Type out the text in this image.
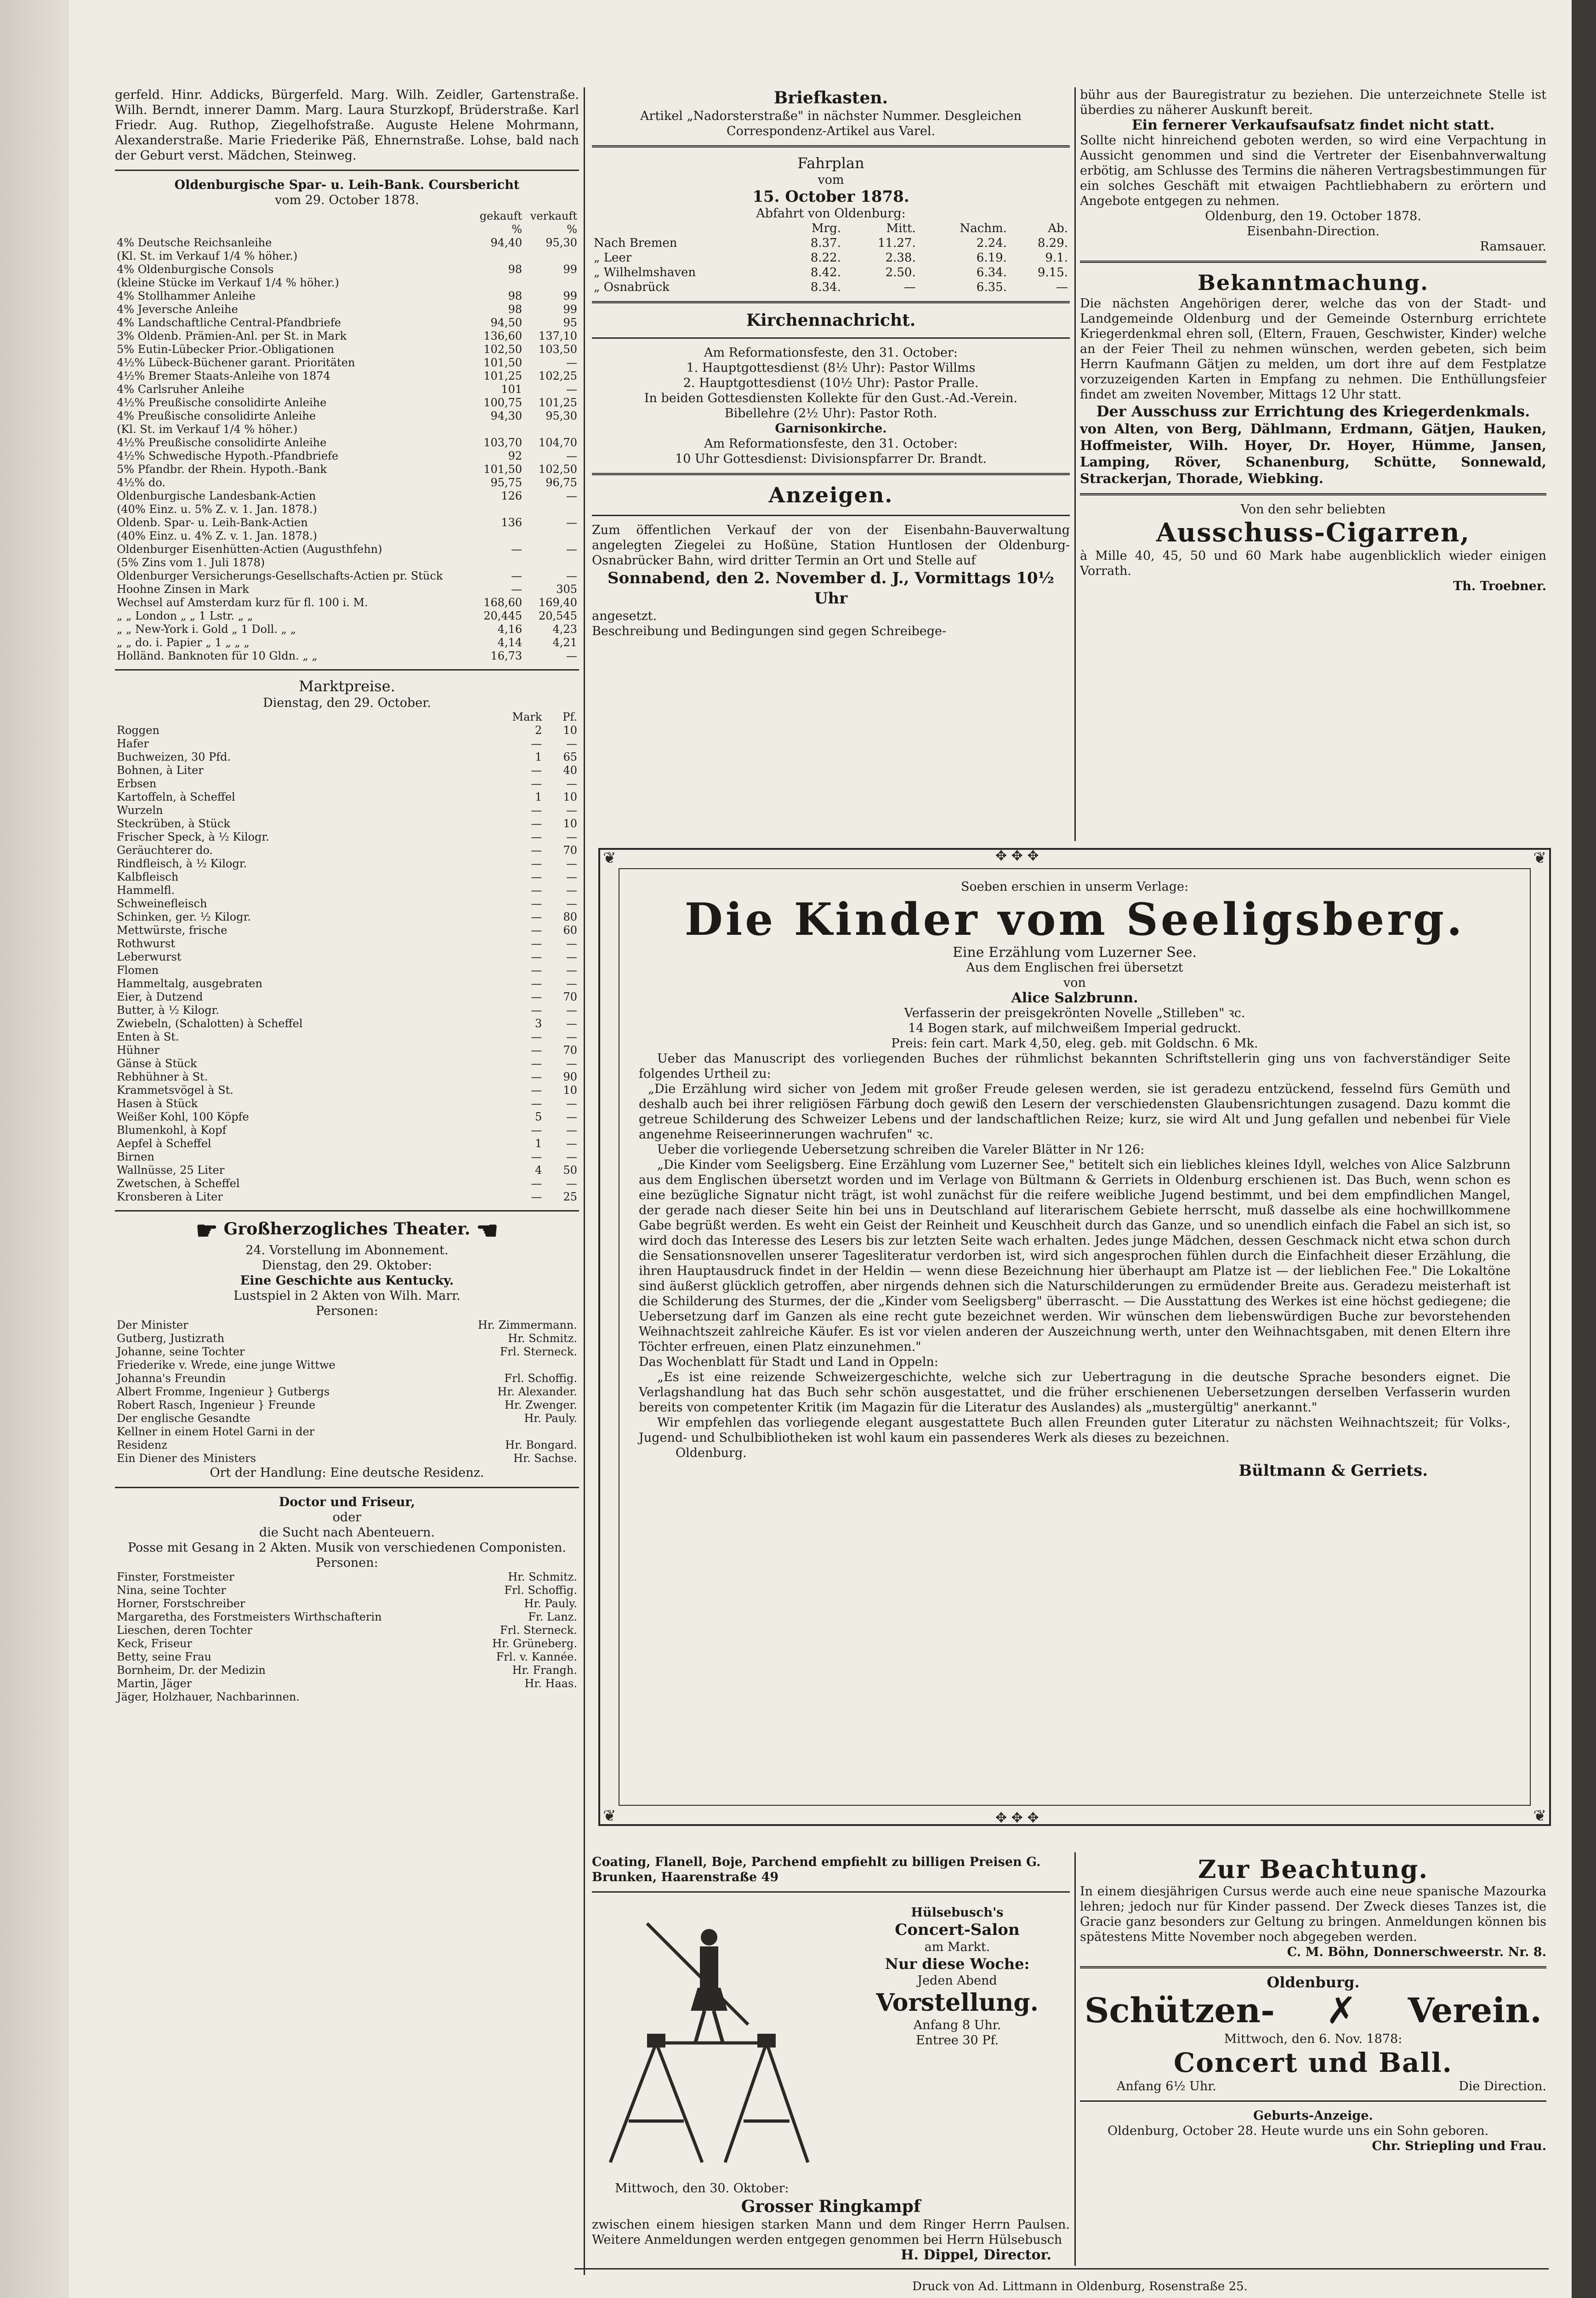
gerfeld. Hinr. Addicks, Bürgerfeld. Marg. Wilh. Zeidler, Gartenstraße. Wilh. Berndt, innerer Damm. Marg. Laura Sturzkopf, Brüderstraße. Karl Friedr. Aug. Ruthop, Ziegelhofstraße. Auguste Helene Mohrmann, Alexanderstraße. Marie Friederike Päß, Ehnernstraße. Lohse, bald nach der Geburt verst. Mädchen, Steinweg.

Oldenburgische Spar- u. Leih-Bank. Coursbericht

vom 29. October 1878.

	gekauft	verkauft
	%	%
4% Deutsche Reichsanleihe	94,40	95,30
(Kl. St. im Verkauf 1/4 % höher.)		
4% Oldenburgische Consols	98	99
(kleine Stücke im Verkauf 1/4 % höher.)		
4% Stollhammer Anleihe	98	99
4% Jeversche Anleihe	98	99
4% Landschaftliche Central-Pfandbriefe	94,50	95
3% Oldenb. Prämien-Anl. per St. in Mark	136,60	137,10
5% Eutin-Lübecker Prior.-Obligationen	102,50	103,50
4½% Lübeck-Büchener garant. Prioritäten	101,50	—
4½% Bremer Staats-Anleihe von 1874	101,25	102,25
4% Carlsruher Anleihe	101	—
4½% Preußische consolidirte Anleihe	100,75	101,25
4% Preußische consolidirte Anleihe	94,30	95,30
(Kl. St. im Verkauf 1/4 % höher.)		
4½% Preußische consolidirte Anleihe	103,70	104,70
4½% Schwedische Hypoth.-Pfandbriefe	92	—
5% Pfandbr. der Rhein. Hypoth.-Bank	101,50	102,50
4½% do.	95,75	96,75
Oldenburgische Landesbank-Actien	126	—
(40% Einz. u. 5% Z. v. 1. Jan. 1878.)		
Oldenb. Spar- u. Leih-Bank-Actien	136	—
(40% Einz. u. 4% Z. v. 1. Jan. 1878.)		
Oldenburger Eisenhütten-Actien (Augusthfehn)	—	—
(5% Zins vom 1. Juli 1878)		
Oldenburger Versicherungs-Gesellschafts-Actien pr. Stück	—	—
Hoohne Zinsen in Mark	—	305
Wechsel auf Amsterdam kurz für fl. 100 i. M.	168,60	169,40
„ „ London „ „ 1 Lstr. „ „	20,445	20,545
„ „ New-York i. Gold „ 1 Doll. „ „	4,16	4,23
„ „ do. i. Papier „ 1 „ „ „	4,14	4,21
Holländ. Banknoten für 10 Gldn. „ „	16,73	—

Marktpreise.

Dienstag, den 29. October.

	Mark	Pf.
Roggen	2	10
Hafer	—	—
Buchweizen, 30 Pfd.	1	65
Bohnen, à Liter	—	40
Erbsen	—	—
Kartoffeln, à Scheffel	1	10
Wurzeln	—	—
Steckrüben, à Stück	—	10
Frischer Speck, à ½ Kilogr.	—	—
Geräuchterer do.	—	70
Rindfleisch, à ½ Kilogr.	—	—
Kalbfleisch	—	—
Hammelfl.	—	—
Schweinefleisch	—	—
Schinken, ger. ½ Kilogr.	—	80
Mettwürste, frische	—	60
Rothwurst	—	—
Leberwurst	—	—
Flomen	—	—
Hammeltalg, ausgebraten	—	—
Eier, à Dutzend	—	70
Butter, à ½ Kilogr.	—	—
Zwiebeln, (Schalotten) à Scheffel	3	—
Enten à St.	—	—
Hühner	—	70
Gänse à Stück	—	—
Rebhühner à St.	—	90
Krammetsvögel à St.	—	10
Hasen à Stück	—	—
Weißer Kohl, 100 Köpfe	5	—
Blumenkohl, à Kopf	—	—
Aepfel à Scheffel	1	—
Birnen	—	—
Wallnüsse, 25 Liter	4	50
Zwetschen, à Scheffel	—	—
Kronsberen à Liter	—	25

☛ Großherzogliches Theater. ☚

24. Vorstellung im Abonnement.

Dienstag, den 29. Oktober:

Eine Geschichte aus Kentucky.

Lustspiel in 2 Akten von Wilh. Marr.

Personen:

Der Minister	Hr. Zimmermann.
Gutberg, Justizrath	Hr. Schmitz.
Johanne, seine Tochter	Frl. Sterneck.
Friederike v. Wrede, eine junge Wittwe	
Johanna's Freundin	Frl. Schoffig.
Albert Fromme, Ingenieur } Gutbergs	Hr. Alexander.
Robert Rasch, Ingenieur } Freunde	Hr. Zwenger.
Der englische Gesandte	Hr. Pauly.
Kellner in einem Hotel Garni in der	
Residenz	Hr. Bongard.
Ein Diener des Ministers	Hr. Sachse.

Ort der Handlung: Eine deutsche Residenz.

Doctor und Friseur,

oder

die Sucht nach Abenteuern.

Posse mit Gesang in 2 Akten. Musik von verschiedenen Componisten.

Personen:

Finster, Forstmeister	Hr. Schmitz.
Nina, seine Tochter	Frl. Schoffig.
Horner, Forstschreiber	Hr. Pauly.
Margaretha, des Forstmeisters Wirthschafterin	Fr. Lanz.
Lieschen, deren Tochter	Frl. Sterneck.
Keck, Friseur	Hr. Grüneberg.
Betty, seine Frau	Frl. v. Kannée.
Bornheim, Dr. der Medizin	Hr. Frangh.
Martin, Jäger	Hr. Haas.
Jäger, Holzhauer, Nachbarinnen.	

Briefkasten.

Artikel „Nadorsterstraße" in nächster Nummer. Desgleichen Correspondenz-Artikel aus Varel.

Fahrplan

vom

15. October 1878.

Abfahrt von Oldenburg:

	Mrg.	Mitt.	Nachm.	Ab.
Nach Bremen	8.37.	11.27.	2.24.	8.29.
„ Leer	8.22.	2.38.	6.19.	9.1.
„ Wilhelmshaven	8.42.	2.50.	6.34.	9.15.
„ Osnabrück	8.34.	—	6.35.	—

Kirchennachricht.

Am Reformationsfeste, den 31. October:

1. Hauptgottesdienst (8½ Uhr): Pastor Willms

2. Hauptgottesdienst (10½ Uhr): Pastor Pralle.

In beiden Gottesdiensten Kollekte für den Gust.-Ad.-Verein.

Bibellehre (2½ Uhr): Pastor Roth.

Garnisonkirche.

Am Reformationsfeste, den 31. October:

10 Uhr Gottesdienst: Divisionspfarrer Dr. Brandt.

Anzeigen.

Zum öffentlichen Verkauf der von der Eisenbahn-Bauverwaltung angelegten Ziegelei zu Hoßüne, Station Huntlosen der Oldenburg-Osnabrücker Bahn, wird dritter Termin an Ort und Stelle auf

Sonnabend, den 2. November d. J., Vormittags 10½ Uhr

angesetzt.

Beschreibung und Bedingungen sind gegen Schreibege-

bühr aus der Bauregistratur zu beziehen. Die unterzeichnete Stelle ist überdies zu näherer Auskunft bereit.

Ein fernerer Verkaufsaufsatz findet nicht statt.

Sollte nicht hinreichend geboten werden, so wird eine Verpachtung in Aussicht genommen und sind die Vertreter der Eisenbahnverwaltung erbötig, am Schlusse des Termins die näheren Vertragsbestimmungen für ein solches Geschäft mit etwaigen Pachtliebhabern zu erörtern und Angebote entgegen zu nehmen.

Oldenburg, den 19. October 1878.

Eisenbahn-Direction.

Ramsauer.

Bekanntmachung.

Die nächsten Angehörigen derer, welche das von der Stadt- und Landgemeinde Oldenburg und der Gemeinde Osternburg errichtete Kriegerdenkmal ehren soll, (Eltern, Frauen, Geschwister, Kinder) welche an der Feier Theil zu nehmen wünschen, werden gebeten, sich beim Herrn Kaufmann Gätjen zu melden, um dort ihre auf dem Festplatze vorzuzeigenden Karten in Empfang zu nehmen. Die Enthüllungsfeier findet am zweiten November, Mittags 12 Uhr statt.

Der Ausschuss zur Errichtung des Kriegerdenkmals.

von Alten, von Berg, Dählmann, Erdmann, Gätjen, Hauken, Hoffmeister, Wilh. Hoyer, Dr. Hoyer, Hümme, Jansen, Lamping, Röver, Schanenburg, Schütte, Sonnewald, Strackerjan, Thorade, Wiebking.

Von den sehr beliebten

Ausschuss-Cigarren,

à Mille 40, 45, 50 und 60 Mark habe augenblicklich wieder einigen Vorrath.

Th. Troebner.

❦	❦
❦	❦
✥ ✥ ✥
✥ ✥ ✥

Soeben erschien in unserm Verlage:

Die Kinder vom Seeligsberg.

Eine Erzählung vom Luzerner See.

Aus dem Englischen frei übersetzt

von

Alice Salzbrunn.

Verfasserin der preisgekrönten Novelle „Stilleben" ꝛc.

14 Bogen stark, auf milchweißem Imperial gedruckt.

Preis: fein cart. Mark 4,50, eleg. geb. mit Goldschn. 6 Mk.

Ueber das Manuscript des vorliegenden Buches der rühmlichst bekannten Schriftstellerin ging uns von fachverständiger Seite folgendes Urtheil zu:

„Die Erzählung wird sicher von Jedem mit großer Freude gelesen werden, sie ist geradezu entzückend, fesselnd fürs Gemüth und deshalb auch bei ihrer religiösen Färbung doch gewiß den Lesern der verschiedensten Glaubensrichtungen zusagend. Dazu kommt die getreue Schilderung des Schweizer Lebens und der landschaftlichen Reize; kurz, sie wird Alt und Jung gefallen und nebenbei für Viele angenehme Reiseerinnerungen wachrufen" ꝛc.

Ueber die vorliegende Uebersetzung schreiben die Vareler Blätter in Nr 126:

„Die Kinder vom Seeligsberg. Eine Erzählung vom Luzerner See," betitelt sich ein liebliches kleines Idyll, welches von Alice Salzbrunn aus dem Englischen übersetzt worden und im Verlage von Bültmann & Gerriets in Oldenburg erschienen ist. Das Buch, wenn schon es eine bezügliche Signatur nicht trägt, ist wohl zunächst für die reifere weibliche Jugend bestimmt, und bei dem empfindlichen Mangel, der gerade nach dieser Seite hin bei uns in Deutschland auf literarischem Gebiete herrscht, muß dasselbe als eine hochwillkommene Gabe begrüßt werden. Es weht ein Geist der Reinheit und Keuschheit durch das Ganze, und so unendlich einfach die Fabel an sich ist, so wird doch das Interesse des Lesers bis zur letzten Seite wach erhalten. Jedes junge Mädchen, dessen Geschmack nicht etwa schon durch die Sensationsnovellen unserer Tagesliteratur verdorben ist, wird sich angesprochen fühlen durch die Einfachheit dieser Erzählung, die ihren Hauptausdruck findet in der Heldin — wenn diese Bezeichnung hier überhaupt am Platze ist — der lieblichen Fee." Die Lokaltöne sind äußerst glücklich getroffen, aber nirgends dehnen sich die Naturschilderungen zu ermüdender Breite aus. Geradezu meisterhaft ist die Schilderung des Sturmes, der die „Kinder vom Seeligsberg" überrascht. — Die Ausstattung des Werkes ist eine höchst gediegene; die Uebersetzung darf im Ganzen als eine recht gute bezeichnet werden. Wir wünschen dem liebenswürdigen Buche zur bevorstehenden Weihnachtszeit zahlreiche Käufer. Es ist vor vielen anderen der Auszeichnung werth, unter den Weihnachtsgaben, mit denen Eltern ihre Töchter erfreuen, einen Platz einzunehmen."

Das Wochenblatt für Stadt und Land in Oppeln:

„Es ist eine reizende Schweizergeschichte, welche sich zur Uebertragung in die deutsche Sprache besonders eignet. Die Verlagshandlung hat das Buch sehr schön ausgestattet, und die früher erschienenen Uebersetzungen derselben Verfasserin wurden bereits von competenter Kritik (im Magazin für die Literatur des Auslandes) als „mustergültig" anerkannt."

Wir empfehlen das vorliegende elegant ausgestattete Buch allen Freunden guter Literatur zu nächsten Weihnachtszeit; für Volks-, Jugend- und Schulbibliotheken ist wohl kaum ein passenderes Werk als dieses zu bezeichnen.

Oldenburg.

Bültmann & Gerriets.

Coating, Flanell, Boje, Parchend empfiehlt zu billigen Preisen G. Brunken, Haarenstraße 49

Hülsebusch's

Concert-Salon

am Markt.

Nur diese Woche:

Jeden Abend

Vorstellung.

Anfang 8 Uhr.

Entree 30 Pf.

Mittwoch, den 30. Oktober:

Grosser Ringkampf

zwischen einem hiesigen starken Mann und dem Ringer Herrn Paulsen. Weitere Anmeldungen werden entgegen genommen bei Herrn Hülsebusch

H. Dippel, Director.

Zur Beachtung.

In einem diesjährigen Cursus werde auch eine neue spanische Mazourka lehren; jedoch nur für Kinder passend. Der Zweck dieses Tanzes ist, die Gracie ganz besonders zur Geltung zu bringen. Anmeldungen können bis spätestens Mitte November noch abgegeben werden.

C. M. Böhn, Donnerschweerstr. Nr. 8.

Oldenburg.

Schützen- ✗ Verein.

Mittwoch, den 6. Nov. 1878:

Concert und Ball.

Anfang 6½ Uhr.	Die Direction.

Geburts-Anzeige.

Oldenburg, October 28. Heute wurde uns ein Sohn geboren.

Chr. Striepling und Frau.

Druck von Ad. Littmann in Oldenburg, Rosenstraße 25.
